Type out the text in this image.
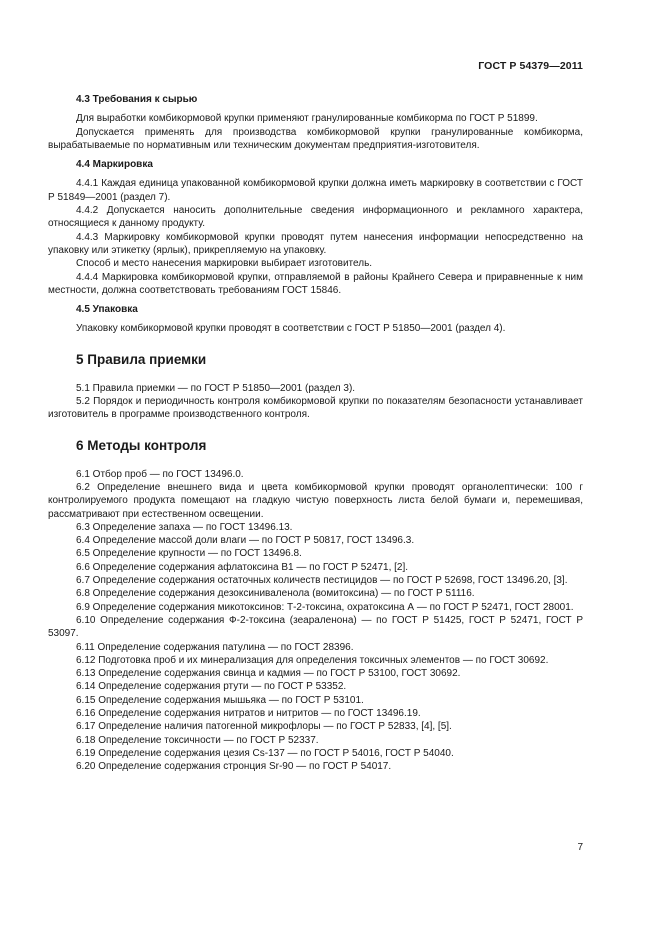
ГОСТ Р 54379—2011
4.3 Требования к сырью

Для выработки комбикормовой крупки применяют гранулированные комбикорма по ГОСТ Р 51899.

Допускается применять для производства комбикормовой крупки гранулированные комбикорма, вырабатываемые по нормативным или техническим документам предприятия-изготовителя.

4.4 Маркировка

4.4.1 Каждая единица упакованной комбикормовой крупки должна иметь маркировку в соответствии с ГОСТ Р 51849—2001 (раздел 7).

4.4.2 Допускается наносить дополнительные сведения информационного и рекламного характера, относящиеся к данному продукту.

4.4.3 Маркировку комбикормовой крупки проводят путем нанесения информации непосредственно на упаковку или этикетку (ярлык), прикрепляемую на упаковку.

Способ и место нанесения маркировки выбирает изготовитель.

4.4.4 Маркировка комбикормовой крупки, отправляемой в районы Крайнего Севера и приравненные к ним местности, должна соответствовать требованиям ГОСТ 15846.

4.5 Упаковка

Упаковку комбикормовой крупки проводят в соответствии с ГОСТ Р 51850—2001 (раздел 4).

5 Правила приемки

5.1 Правила приемки — по ГОСТ Р 51850—2001 (раздел 3).

5.2 Порядок и периодичность контроля комбикормовой крупки по показателям безопасности устанавливает изготовитель в программе производственного контроля.

6 Методы контроля

6.1 Отбор проб — по ГОСТ 13496.0.

6.2 Определение внешнего вида и цвета комбикормовой крупки проводят органолептически: 100 г контролируемого продукта помещают на гладкую чистую поверхность листа белой бумаги и, перемешивая, рассматривают при естественном освещении.

6.3 Определение запаха — по ГОСТ 13496.13.

6.4 Определение массой доли влаги — по ГОСТ Р 50817, ГОСТ 13496.3.

6.5 Определение крупности — по ГОСТ 13496.8.

6.6 Определение содержания афлатоксина В1 — по ГОСТ Р 52471, [2].

6.7 Определение содержания остаточных количеств пестицидов — по ГОСТ Р 52698, ГОСТ 13496.20, [3].

6.8 Определение содержания дезоксиниваленола (вомитоксина) — по ГОСТ Р 51116.

6.9 Определение содержания микотоксинов: Т-2-токсина, охратоксина А — по ГОСТ Р 52471, ГОСТ 28001.

6.10 Определение содержания Ф-2-токсина (зеараленона) — по ГОСТ Р 51425, ГОСТ Р 52471, ГОСТ Р 53097.

6.11 Определение содержания патулина — по ГОСТ 28396.

6.12 Подготовка проб и их минерализация для определения токсичных элементов — по ГОСТ 30692.

6.13 Определение содержания свинца и кадмия — по ГОСТ Р 53100, ГОСТ 30692.

6.14 Определение содержания ртути — по ГОСТ Р 53352.

6.15 Определение содержания мышьяка — по ГОСТ Р 53101.

6.16 Определение содержания нитратов и нитритов — по ГОСТ 13496.19.

6.17 Определение наличия патогенной микрофлоры — по ГОСТ Р 52833, [4], [5].

6.18 Определение токсичности — по ГОСТ Р 52337.

6.19 Определение содержания цезия Cs-137 — по ГОСТ Р 54016, ГОСТ Р 54040.

6.20 Определение содержания стронция Sr-90 — по ГОСТ Р 54017.

7
